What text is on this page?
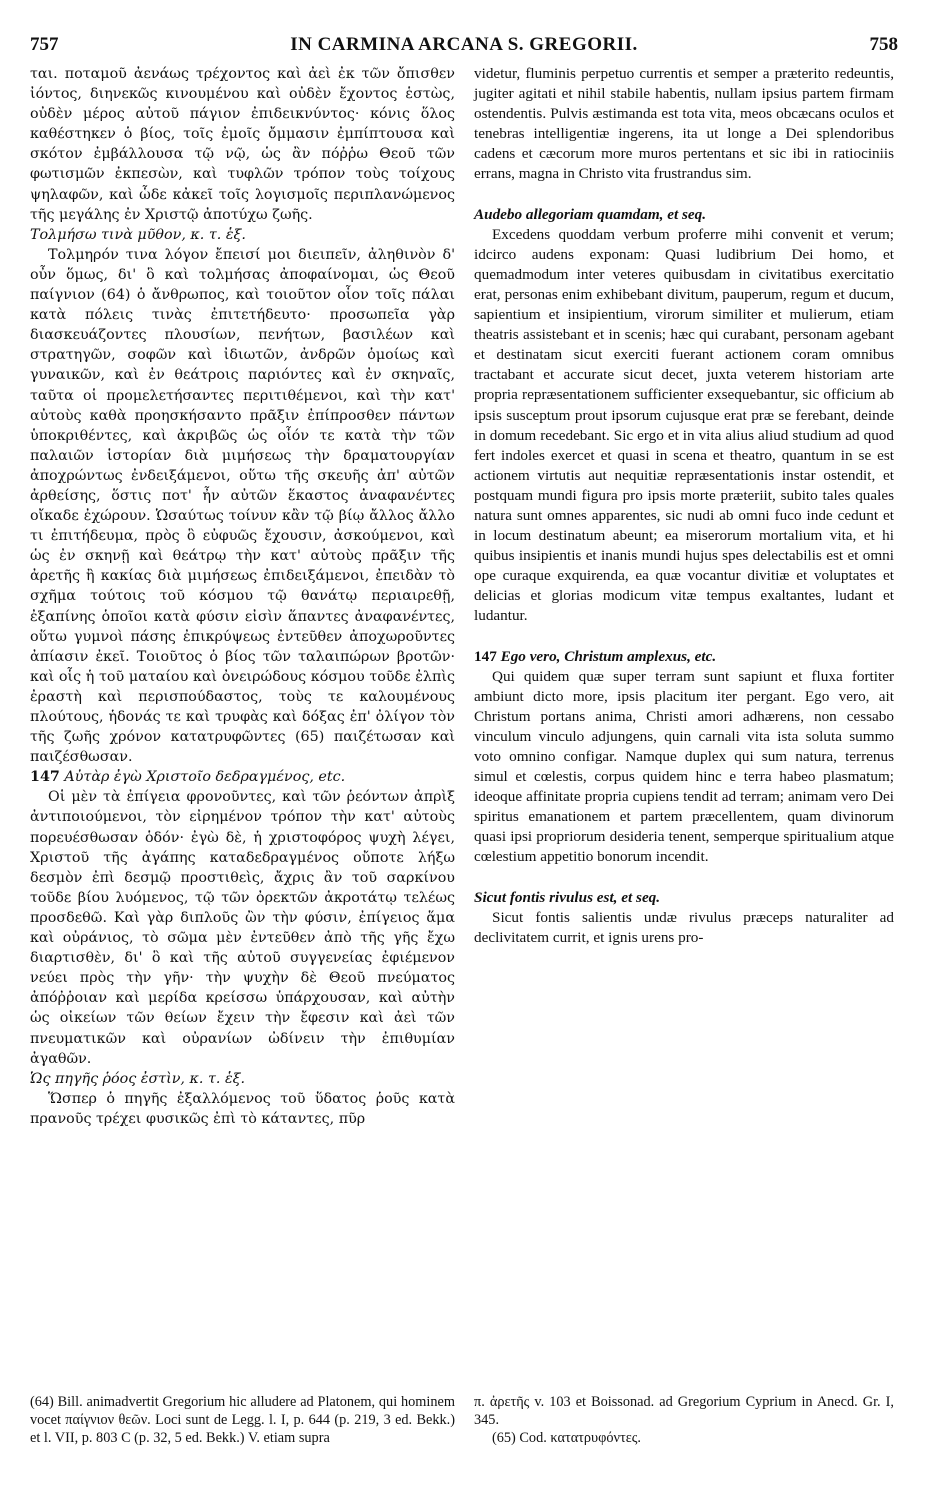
757	IN CARMINA ARCANA S. GREGORII.	758

ται. ποταμοῦ ἀενάως τρέχοντος καὶ ἀεὶ ἐκ τῶν ὄπισθεν ἰόντος, διηνεκῶς κινουμένου καὶ οὐδὲν ἔχοντος ἑστὼς, οὐδὲν μέρος αὐτοῦ πάγιον ἐπιδεικνύντος· κόνις ὅλος καθέστηκεν ὁ βίος, τοῖς ἐμοῖς ὄμμασιν ἐμπίπτουσα καὶ σκότον ἐμβάλλουσα τῷ νῷ, ὡς ἂν πόῤῥω Θεοῦ τῶν φωτισμῶν ἐκπεσὼν, καὶ τυφλῶν τρόπον τοὺς τοίχους ψηλαφῶν, καὶ ὧδε κἀκεῖ τοῖς λογισμοῖς περιπλανώμενος τῆς μεγάλης ἐν Χριστῷ ἀποτύχω ζωῆς.

Τολμήσω τινὰ μῦθον, κ. τ. ἑξ.

Τολμηρόν τινα λόγον ἔπεισί μοι διειπεῖν, ἀληθινὸν δ' οὖν ὅμως, δι' ὃ καὶ τολμήσας ἀποφαίνομαι, ὡς Θεοῦ παίγνιον (64) ὁ ἄνθρωπος, καὶ τοιοῦτον οἷον τοῖς πάλαι κατὰ πόλεις τινὰς ἐπιτετήδευτο· προσωπεῖα γὰρ διασκευάζοντες πλουσίων, πενήτων, βασιλέων καὶ στρατηγῶν, σοφῶν καὶ ἰδιωτῶν, ἀνδρῶν ὁμοίως καὶ γυναικῶν, καὶ ἐν θεάτροις παριόντες καὶ ἐν σκηναῖς, ταῦτα οἱ προμελετήσαντες περιτιθέμενοι, καὶ τὴν κατ' αὐτοὺς καθὰ προησκήσαντο πρᾶξιν ἐπίπροσθεν πάντων ὑποκριθέντες, καὶ ἀκριβῶς ὡς οἷόν τε κατὰ τὴν τῶν παλαιῶν ἱστορίαν διὰ μιμήσεως τὴν δραματουργίαν ἀποχρώντως ἐνδειξάμενοι, οὕτω τῆς σκευῆς ἀπ' αὐτῶν ἀρθείσης, ὅστις ποτ' ἦν αὐτῶν ἕκαστος ἀναφανέντες οἴκαδε ἐχώρουν. Ὡσαύτως τοίνυν κἂν τῷ βίῳ ἄλλος ἄλλο τι ἐπιτήδευμα, πρὸς ὃ εὐφυῶς ἔχουσιν, ἀσκούμενοι, καὶ ὡς ἐν σκηνῇ καὶ θεάτρῳ τὴν κατ' αὐτοὺς πρᾶξιν τῆς ἀρετῆς ἢ κακίας διὰ μιμήσεως ἐπιδειξάμενοι, ἐπειδὰν τὸ σχῆμα τούτοις τοῦ κόσμου τῷ θανάτῳ περιαιρεθῇ, ἐξαπίνης ὁποῖοι κατὰ φύσιν εἰσὶν ἅπαντες ἀναφανέντες, οὕτω γυμνοὶ πάσης ἐπικρύψεως ἐντεῦθεν ἀποχωροῦντες ἀπίασιν ἐκεῖ. Τοιοῦτος ὁ βίος τῶν ταλαιπώρων βροτῶν· καὶ οἷς ἡ τοῦ ματαίου καὶ ὀνειρώδους κόσμου τοῦδε ἐλπὶς ἐραστὴ καὶ περισπούδαστος, τοὺς τε καλουμένους πλούτους, ἡδονάς τε καὶ τρυφὰς καὶ δόξας ἐπ' ὀλίγον τὸν τῆς ζωῆς χρόνον κατατρυφῶντες (65) παιζέτωσαν καὶ παιζέσθωσαν.

147 Αὐτὰρ ἐγὼ Χριστοῖο δεδραγμένος, etc.

Οἱ μὲν τὰ ἐπίγεια φρονοῦντες, καὶ τῶν ῥεόντων ἀπρὶξ ἀντιποιούμενοι, τὸν εἰρημένον τρόπον τὴν κατ' αὐτοὺς πορευέσθωσαν ὁδόν· ἐγὼ δὲ, ἡ χριστοφόρος ψυχὴ λέγει, Χριστοῦ τῆς ἀγάπης καταδεδραγμένος οὔποτε λήξω δεσμὸν ἐπὶ δεσμῷ προστιθεὶς, ἄχρις ἂν τοῦ σαρκίνου τοῦδε βίου λυόμενος, τῷ τῶν ὀρεκτῶν ἀκροτάτῳ τελέως προσδεθῶ. Καὶ γὰρ διπλοῦς ὢν τὴν φύσιν, ἐπίγειος ἅμα καὶ οὐράνιος, τὸ σῶμα μὲν ἐντεῦθεν ἀπὸ τῆς γῆς ἔχω διαρτισθὲν, δι' ὃ καὶ τῆς αὐτοῦ συγγενείας ἐφιέμενον νεύει πρὸς τὴν γῆν· τὴν ψυχὴν δὲ Θεοῦ πνεύματος ἀπόῤῥοιαν καὶ μερίδα κρείσσω ὑπάρχουσαν, καὶ αὐτὴν ὡς οἰκείων τῶν θείων ἔχειν τὴν ἔφεσιν καὶ ἀεὶ τῶν πνευματικῶν καὶ οὐρανίων ὠδίνειν τὴν ἐπιθυμίαν ἀγαθῶν.

Ὡς πηγῆς ῥόος ἐστὶν, κ. τ. ἑξ.

Ὥσπερ ὁ πηγῆς ἐξαλλόμενος τοῦ ὕδατος ῥοῦς κατὰ πρανοῦς τρέχει φυσικῶς ἐπὶ τὸ κάταντες, πῦρ

videtur, fluminis perpetuo currentis et semper a præterito redeuntis, jugiter agitati et nihil stabile habentis, nullam ipsius partem firmam ostendentis. Pulvis æstimanda est tota vita, meos obcæcans oculos et tenebras intelligentiæ ingerens, ita ut longe a Dei splendoribus cadens et cæcorum more muros pertentans et sic ibi in ratiociniis errans, magna in Christo vita frustrandus sim.

Audebo allegoriam quamdam, et seq.

Excedens quoddam verbum proferre mihi convenit et verum; idcirco audens exponam: Quasi ludibrium Dei homo, et quemadmodum inter veteres quibusdam in civitatibus exercitatio erat, personas enim exhibebant divitum, pauperum, regum et ducum, sapientium et insipientium, virorum similiter et mulierum, etiam theatris assistebant et in scenis; hæc qui curabant, personam agebant et destinatam sicut exerciti fuerant actionem coram omnibus tractabant et accurate sicut decet, juxta veterem historiam arte propria repræsentationem sufficienter exsequebantur, sic officium ab ipsis susceptum prout ipsorum cujusque erat præ se ferebant, deinde in domum recedebant. Sic ergo et in vita alius aliud studium ad quod fert indoles exercet et quasi in scena et theatro, quantum in se est actionem virtutis aut nequitiæ repræsentationis instar ostendit, et postquam mundi figura pro ipsis morte præteriit, subito tales quales natura sunt omnes apparentes, sic nudi ab omni fuco inde cedunt et in locum destinatum abeunt; ea miserorum mortalium vita, et hi quibus insipientis et inanis mundi hujus spes delectabilis est et omni ope curaque exquirenda, ea quæ vocantur divitiæ et voluptates et delicias et glorias modicum vitæ tempus exaltantes, ludant et ludantur.

147 Ego vero, Christum amplexus, etc.

Qui quidem quæ super terram sunt sapiunt et fluxa fortiter ambiunt dicto more, ipsis placitum iter pergant. Ego vero, ait Christum portans anima, Christi amori adhærens, non cessabo vinculum vinculo adjungens, quin carnali vita ista soluta summo voto omnino configar. Namque duplex qui sum natura, terrenus simul et cœlestis, corpus quidem hinc e terra habeo plasmatum; ideoque affinitate propria cupiens tendit ad terram; animam vero Dei spiritus emanationem et partem præcellentem, quam divinorum quasi ipsi propriorum desideria tenent, semperque spiritualium atque cœlestium appetitio bonorum incendit.

Sicut fontis rivulus est, et seq.

Sicut fontis salientis undæ rivulus præceps naturaliter ad declivitatem currit, et ignis urens pro-

(64) Bill. animadvertit Gregorium hic alludere ad Platonem, qui hominem vocet παίγνιον θεῶν. Loci sunt de Legg. l. I, p. 644 (p. 219, 3 ed. Bekk.) et l. VII, p. 803 C (p. 32, 5 ed. Bekk.) V. etiam supra

π. ἀρετῆς v. 103 et Boissonad. ad Gregorium Cyprium in Anecd. Gr. I, 345.

(65) Cod. κατατρυφόντες.
